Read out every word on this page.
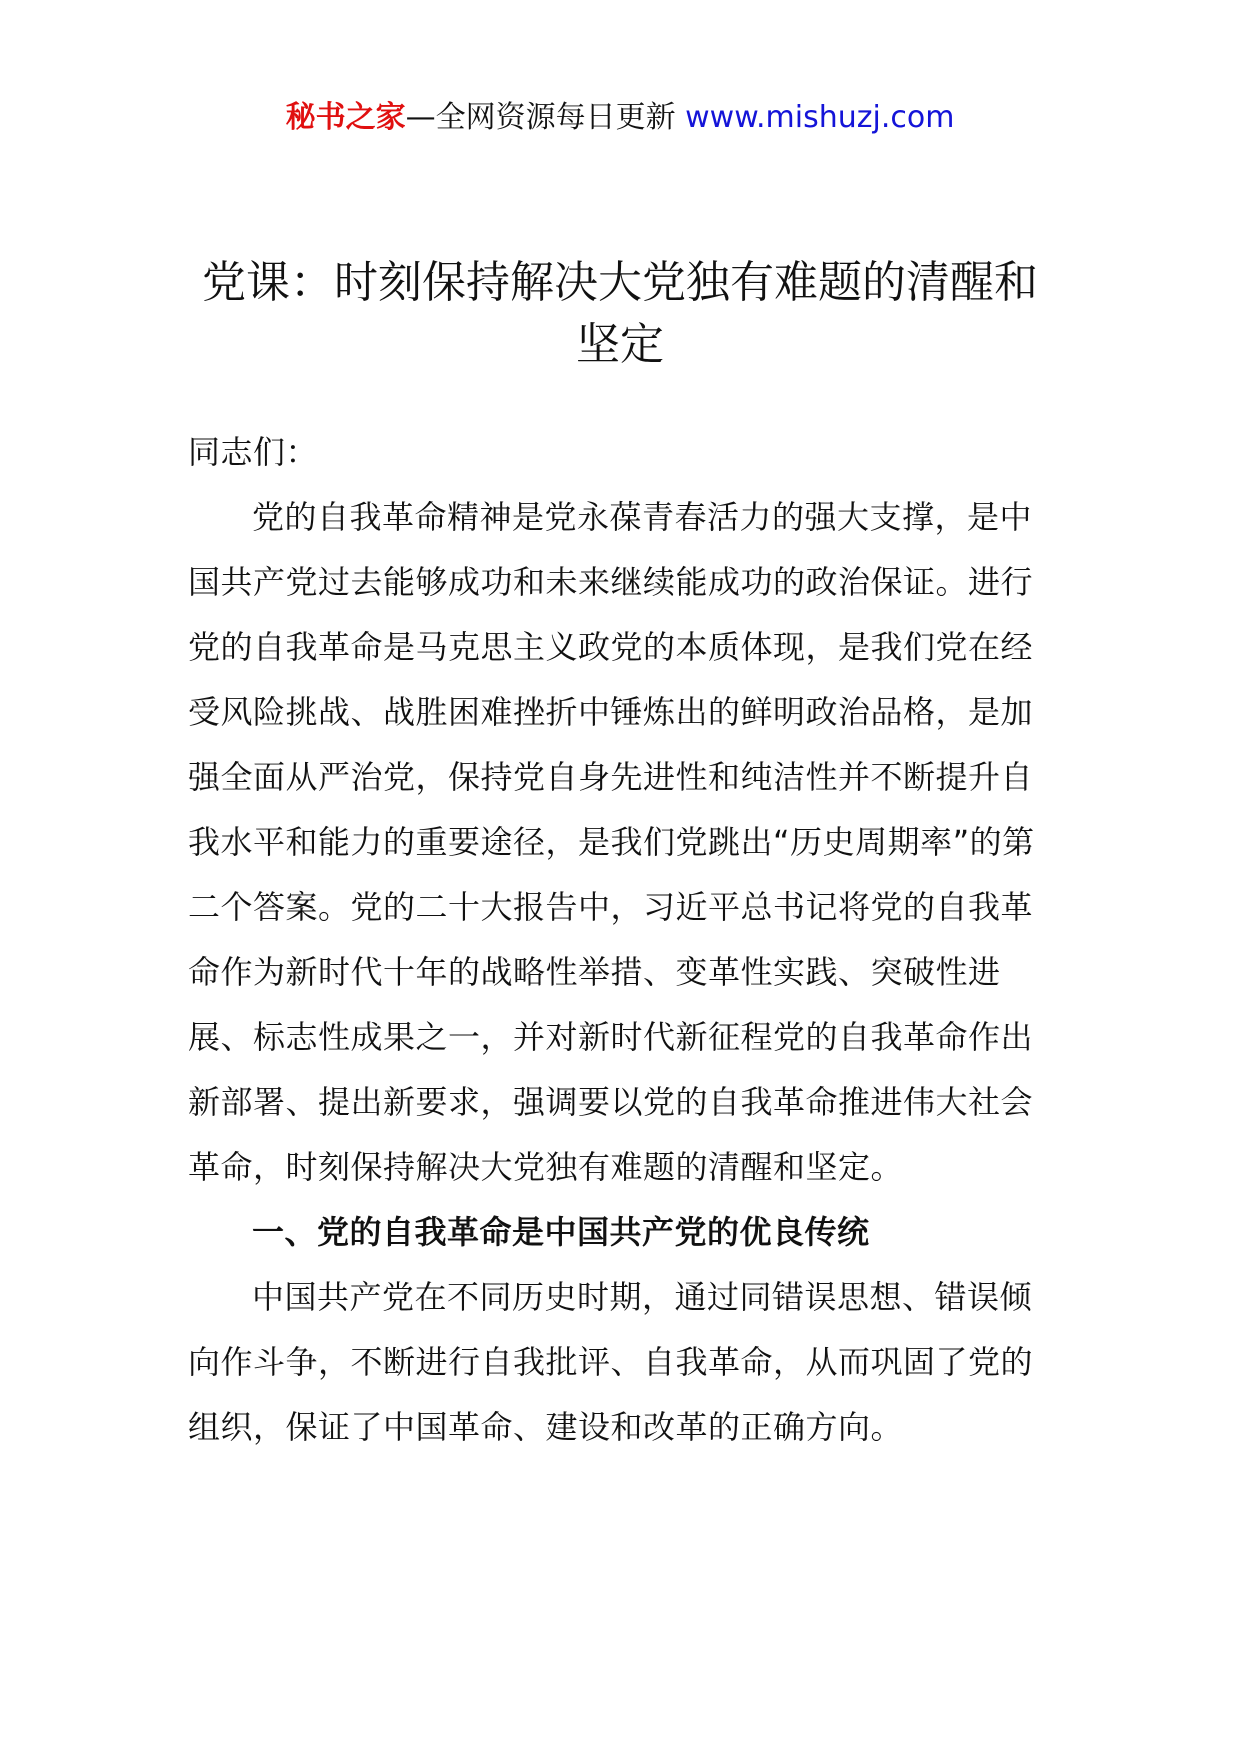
秘书之家—全网资源每日更新 www.mishuzj.com
党课：时刻保持解决大党独有难题的清醒和坚定

同志们：

党的自我革命精神是党永葆青春活力的强大支撑，是中国共产党过去能够成功和未来继续能成功的政治保证。进行党的自我革命是马克思主义政党的本质体现，是我们党在经受风险挑战、战胜困难挫折中锤炼出的鲜明政治品格，是加强全面从严治党，保持党自身先进性和纯洁性并不断提升自我水平和能力的重要途径，是我们党跳出“历史周期率”的第二个答案。党的二十大报告中，习近平总书记将党的自我革命作为新时代十年的战略性举措、变革性实践、突破性进展、标志性成果之一，并对新时代新征程党的自我革命作出新部署、提出新要求，强调要以党的自我革命推进伟大社会革命，时刻保持解决大党独有难题的清醒和坚定。

一、党的自我革命是中国共产党的优良传统

中国共产党在不同历史时期，通过同错误思想、错误倾向作斗争，不断进行自我批评、自我革命，从而巩固了党的组织，保证了中国革命、建设和改革的正确方向。
